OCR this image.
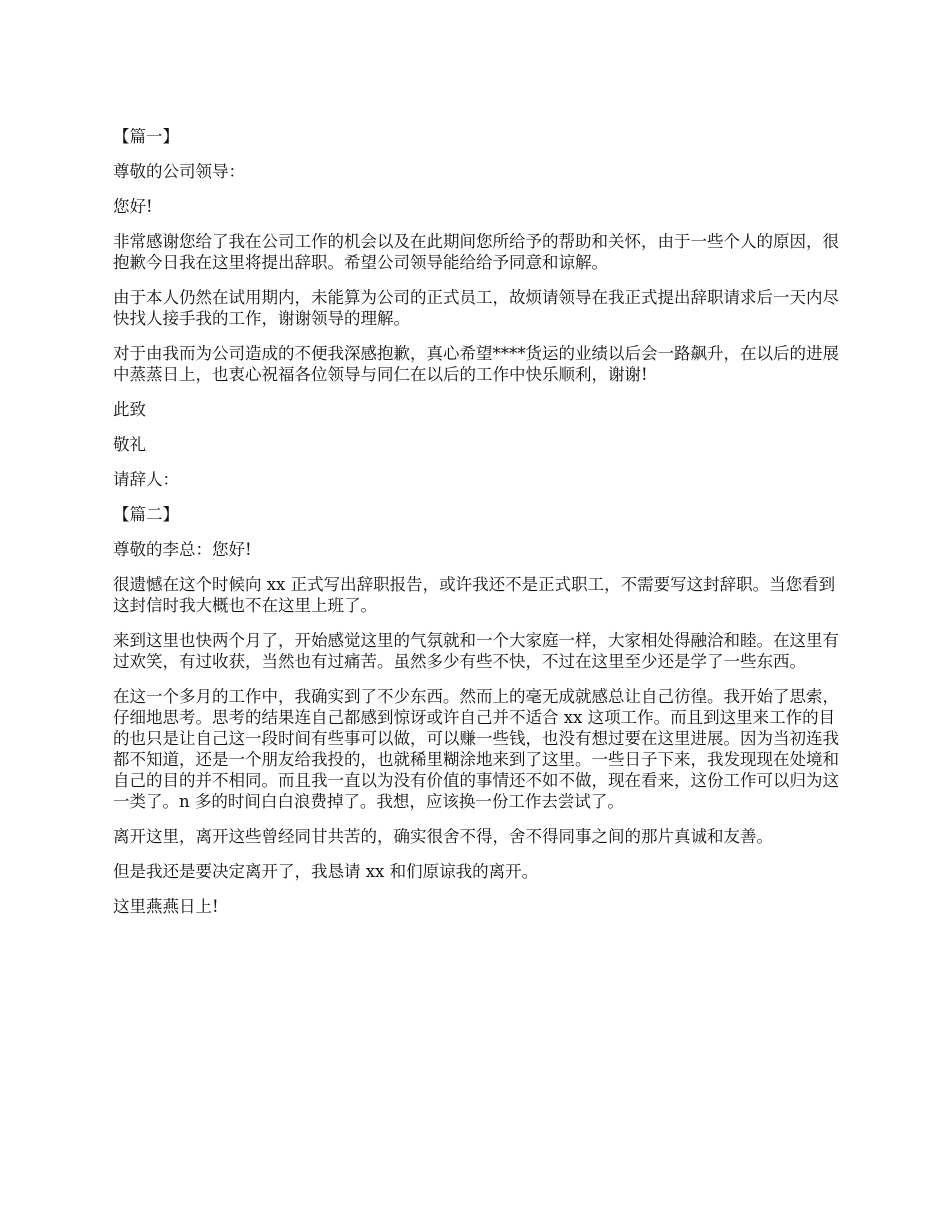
【篇一】

尊敬的公司领导：

您好!

非常感谢您给了我在公司工作的机会以及在此期间您所给予的帮助和关怀，由于一些个人的原因，很抱歉今日我在这里将提出辞职。希望公司领导能给给予同意和谅解。

由于本人仍然在试用期内，未能算为公司的正式员工，故烦请领导在我正式提出辞职请求后一天内尽快找人接手我的工作，谢谢领导的理解。

对于由我而为公司造成的不便我深感抱歉，真心希望****货运的业绩以后会一路飙升，在以后的进展中蒸蒸日上，也衷心祝福各位领导与同仁在以后的工作中快乐顺利，谢谢!

此致

敬礼

请辞人：

【篇二】

尊敬的李总：您好!

很遗憾在这个时候向 xx 正式写出辞职报告，或许我还不是正式职工，不需要写这封辞职。当您看到这封信时我大概也不在这里上班了。

来到这里也快两个月了，开始感觉这里的气氛就和一个大家庭一样，大家相处得融洽和睦。在这里有过欢笑，有过收获，当然也有过痛苦。虽然多少有些不快，不过在这里至少还是学了一些东西。

在这一个多月的工作中，我确实到了不少东西。然而上的毫无成就感总让自己彷徨。我开始了思索，仔细地思考。思考的结果连自己都感到惊讶或许自己并不适合 xx 这项工作。而且到这里来工作的目的也只是让自己这一段时间有些事可以做，可以赚一些钱，也没有想过要在这里进展。因为当初连我都不知道，还是一个朋友给我投的，也就稀里糊涂地来到了这里。一些日子下来，我发现现在处境和自己的目的并不相同。而且我一直以为没有价值的事情还不如不做，现在看来，这份工作可以归为这一类了。n 多的时间白白浪费掉了。我想，应该换一份工作去尝试了。

离开这里，离开这些曾经同甘共苦的，确实很舍不得，舍不得同事之间的那片真诚和友善。

但是我还是要决定离开了，我恳请 xx 和们原谅我的离开。

这里燕燕日上!
